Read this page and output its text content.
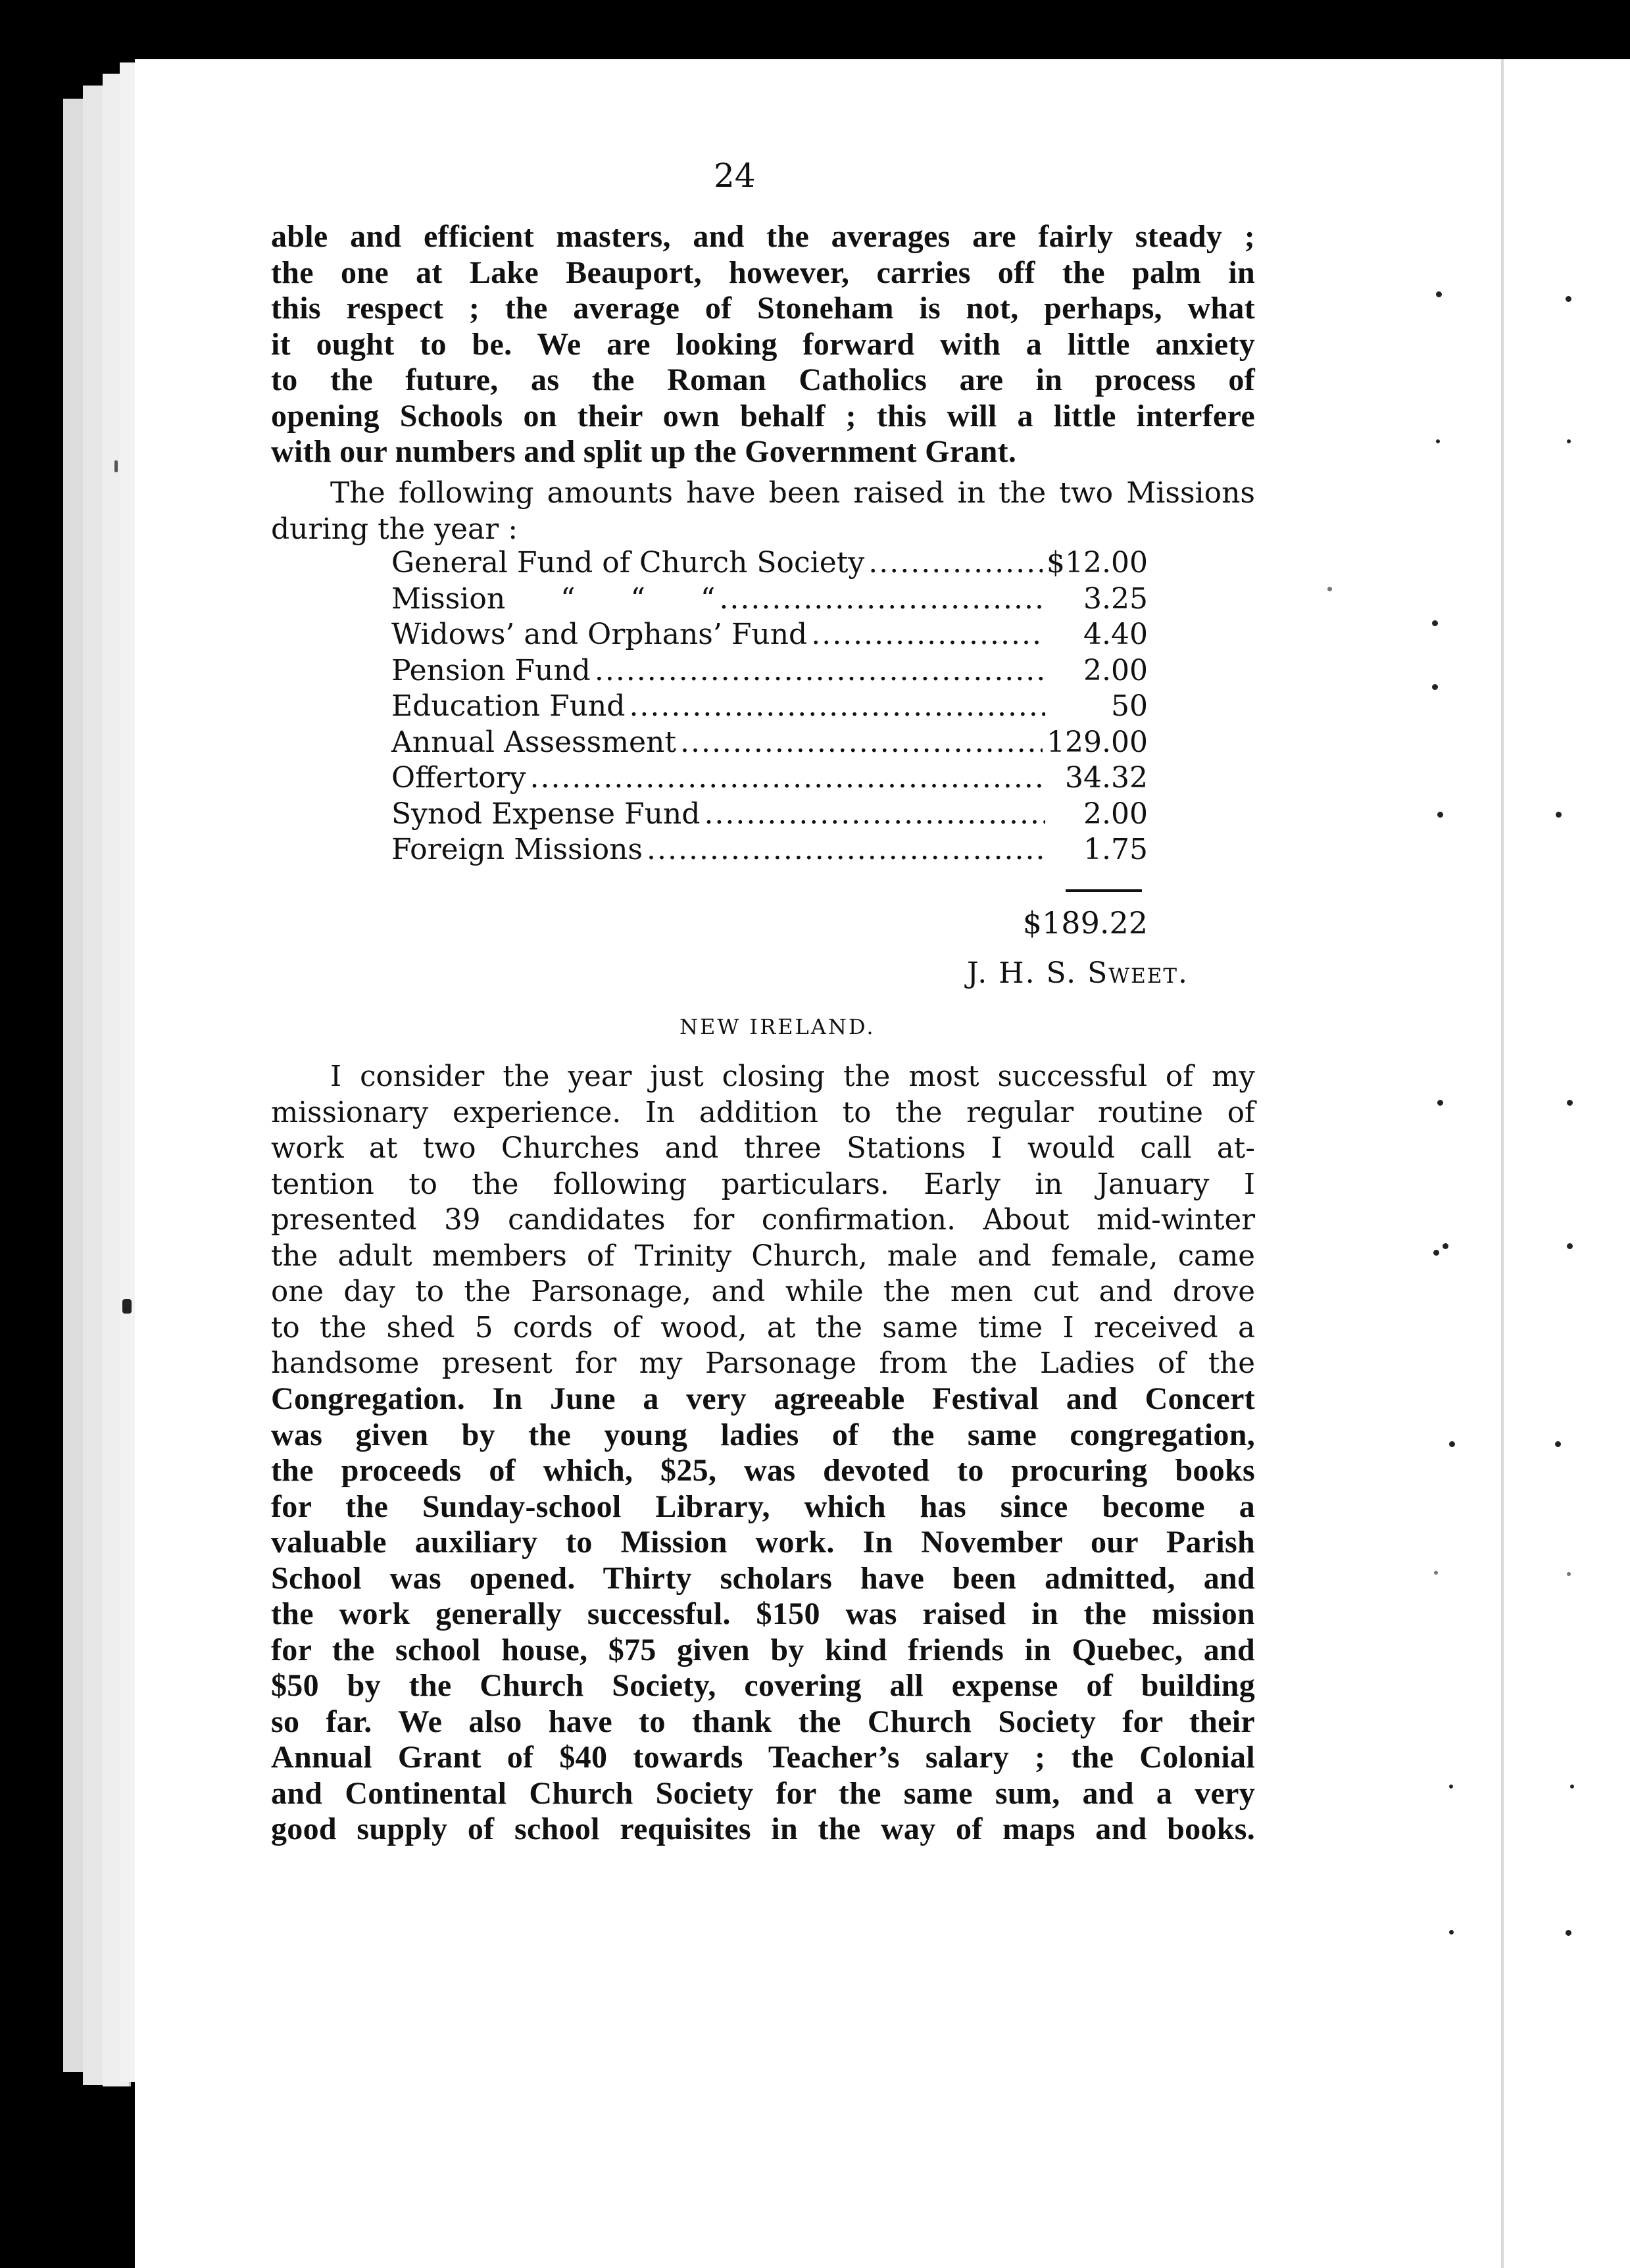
24
able and efficient masters, and the averages are fairly steady ;
the one at Lake Beauport, however, carries off the palm in
this respect ; the average of Stoneham is not, perhaps, what
it ought to be. We are looking forward with a little anxiety
to the future, as the Roman Catholics are in process of
opening Schools on their own behalf ; this will a little interfere
with our numbers and split up the Government Grant.
The following amounts have been raised in the two Missions
during the year :
General Fund of Church Society .....	$12.00
Mission      “      “      “ .....	3.25
Widows’ and Orphans’ Fund .....	4.40
Pension Fund .....	2.00
Education Fund .....	50
Annual Assessment .....	129.00
Offertory .....	34.32
Synod Expense Fund .....	2.00
Foreign Missions .....	1.75
$189.22
J. H. S. Sweet.
NEW IRELAND.
I consider the year just closing the most successful of my
missionary experience. In addition to the regular routine of
work at two Churches and three Stations I would call at-
tention to the following particulars. Early in January I
presented 39 candidates for confirmation. About mid-winter
the adult members of Trinity Church, male and female, came
one day to the Parsonage, and while the men cut and drove
to the shed 5 cords of wood, at the same time I received a
handsome present for my Parsonage from the Ladies of the
Congregation. In June a very agreeable Festival and Concert
was given by the young ladies of the same congregation,
the proceeds of which, $25, was devoted to procuring books
for the Sunday-school Library, which has since become a
valuable auxiliary to Mission work. In November our Parish
School was opened. Thirty scholars have been admitted, and
the work generally successful. $150 was raised in the mission
for the school house, $75 given by kind friends in Quebec, and
$50 by the Church Society, covering all expense of building
so far. We also have to thank the Church Society for their
Annual Grant of $40 towards Teacher’s salary ; the Colonial
and Continental Church Society for the same sum, and a very
good supply of school requisites in the way of maps and books.
